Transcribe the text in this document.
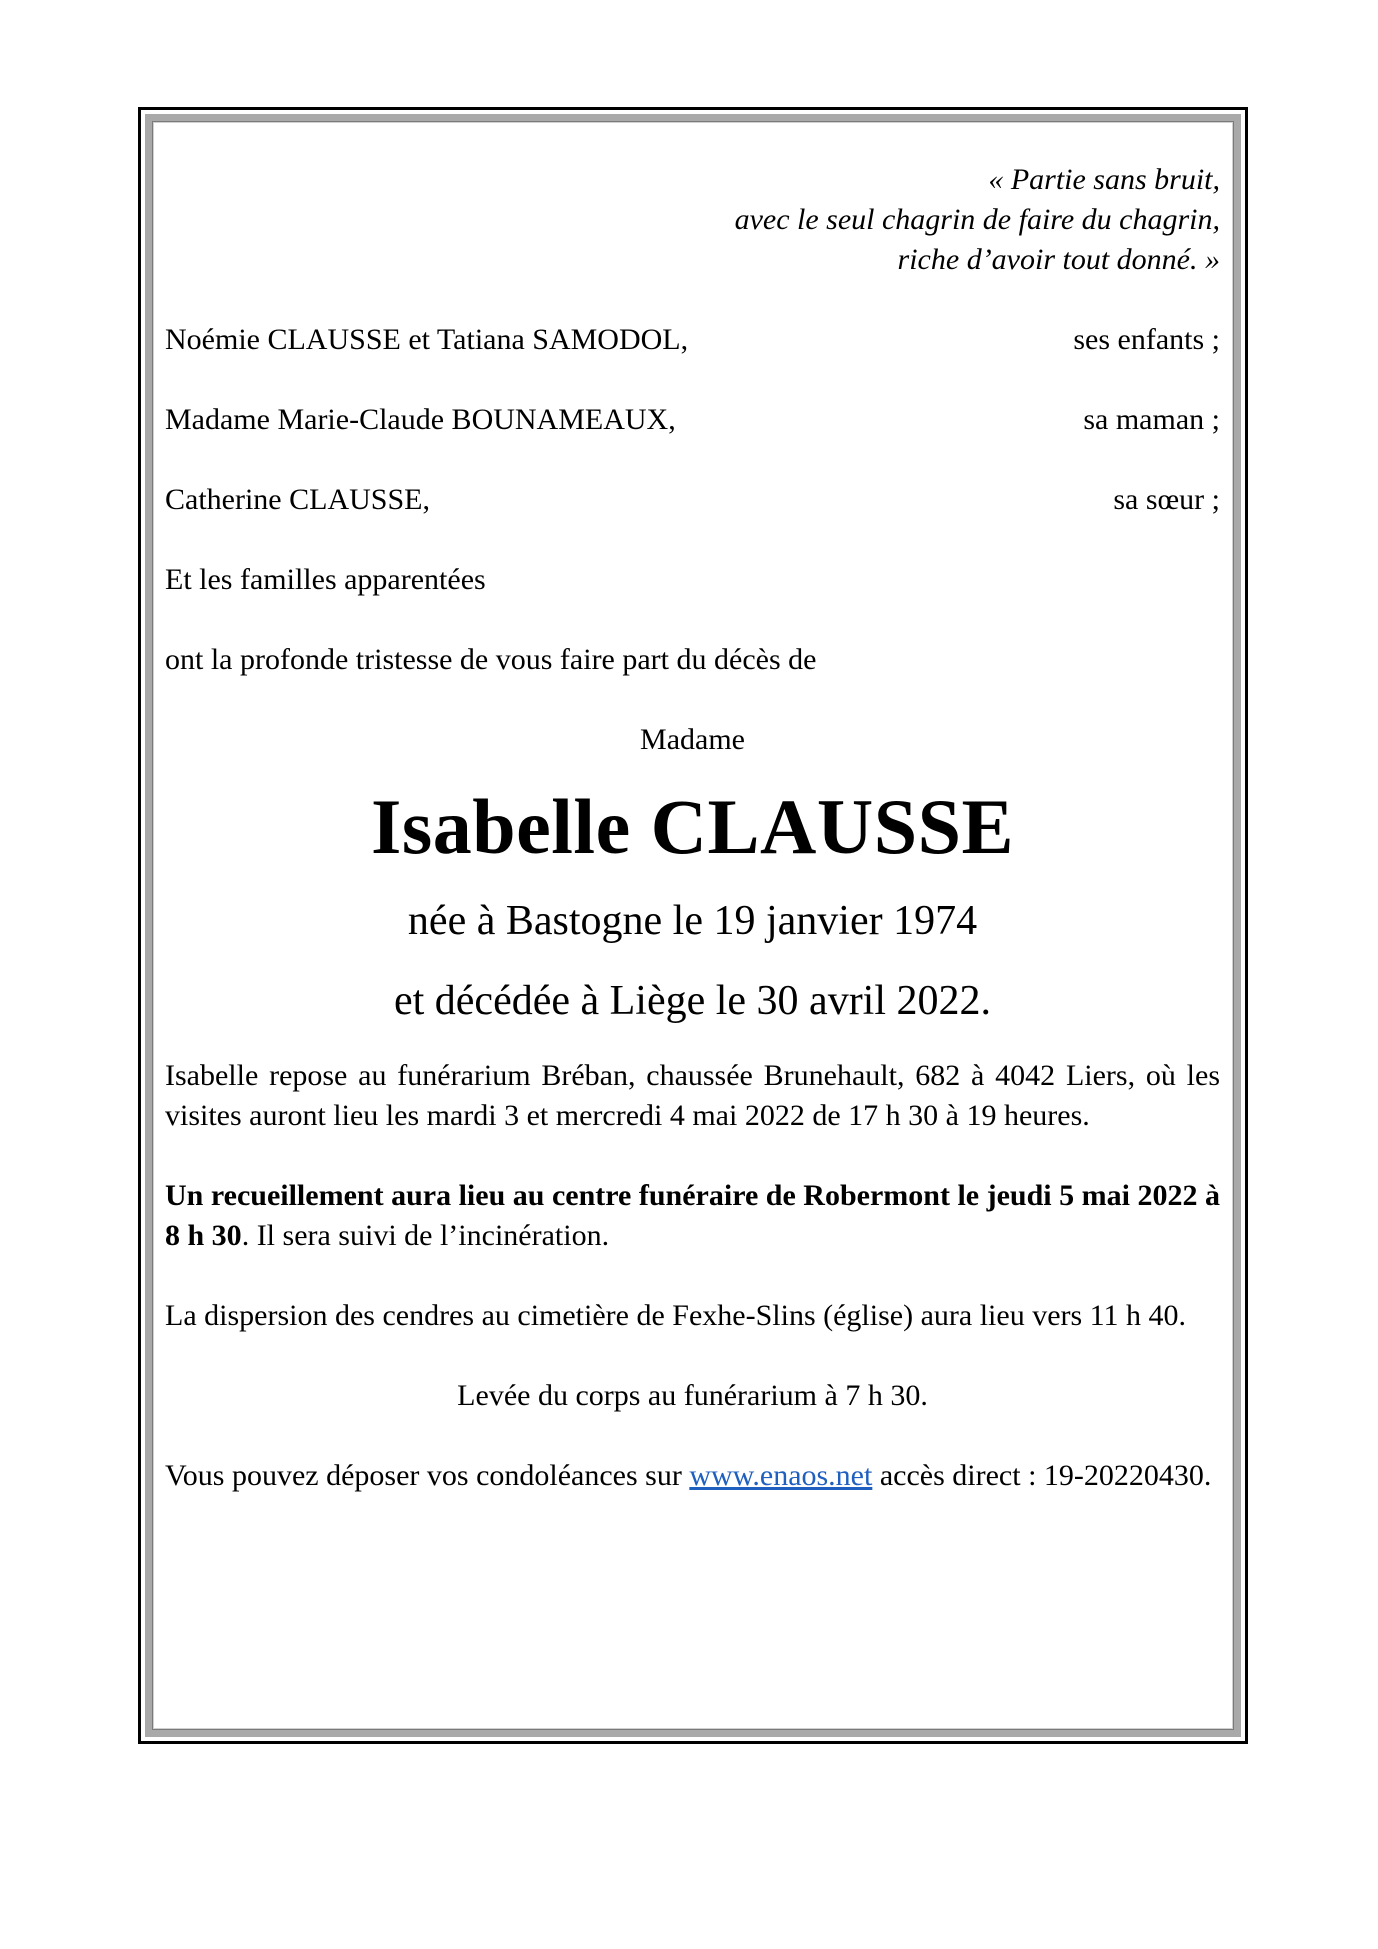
« Partie sans bruit,
avec le seul chagrin de faire du chagrin,
riche d’avoir tout donné. »
Noémie CLAUSSE et Tatiana SAMODOL,	ses enfants ;
Madame Marie-Claude BOUNAMEAUX,	sa maman ;
Catherine CLAUSSE,	sa sœur ;

Et les familles apparentées

ont la profonde tristesse de vous faire part du décès de

Madame

Isabelle CLAUSSE
née à Bastogne le 19 janvier 1974
et décédée à Liège le 30 avril 2022.

Isabelle repose au funérarium Bréban, chaussée Brunehault, 682 à 4042 Liers, où les visites auront lieu les mardi 3 et mercredi 4 mai 2022 de 17 h 30 à 19 heures.

Un recueillement aura lieu au centre funéraire de Robermont le jeudi 5 mai 2022 à 8 h 30. Il sera suivi de l’incinération.

La dispersion des cendres au cimetière de Fexhe-Slins (église) aura lieu vers 11 h 40.

Levée du corps au funérarium à 7 h 30.

Vous pouvez déposer vos condoléances sur www.enaos.net accès direct : 19-20220430.
